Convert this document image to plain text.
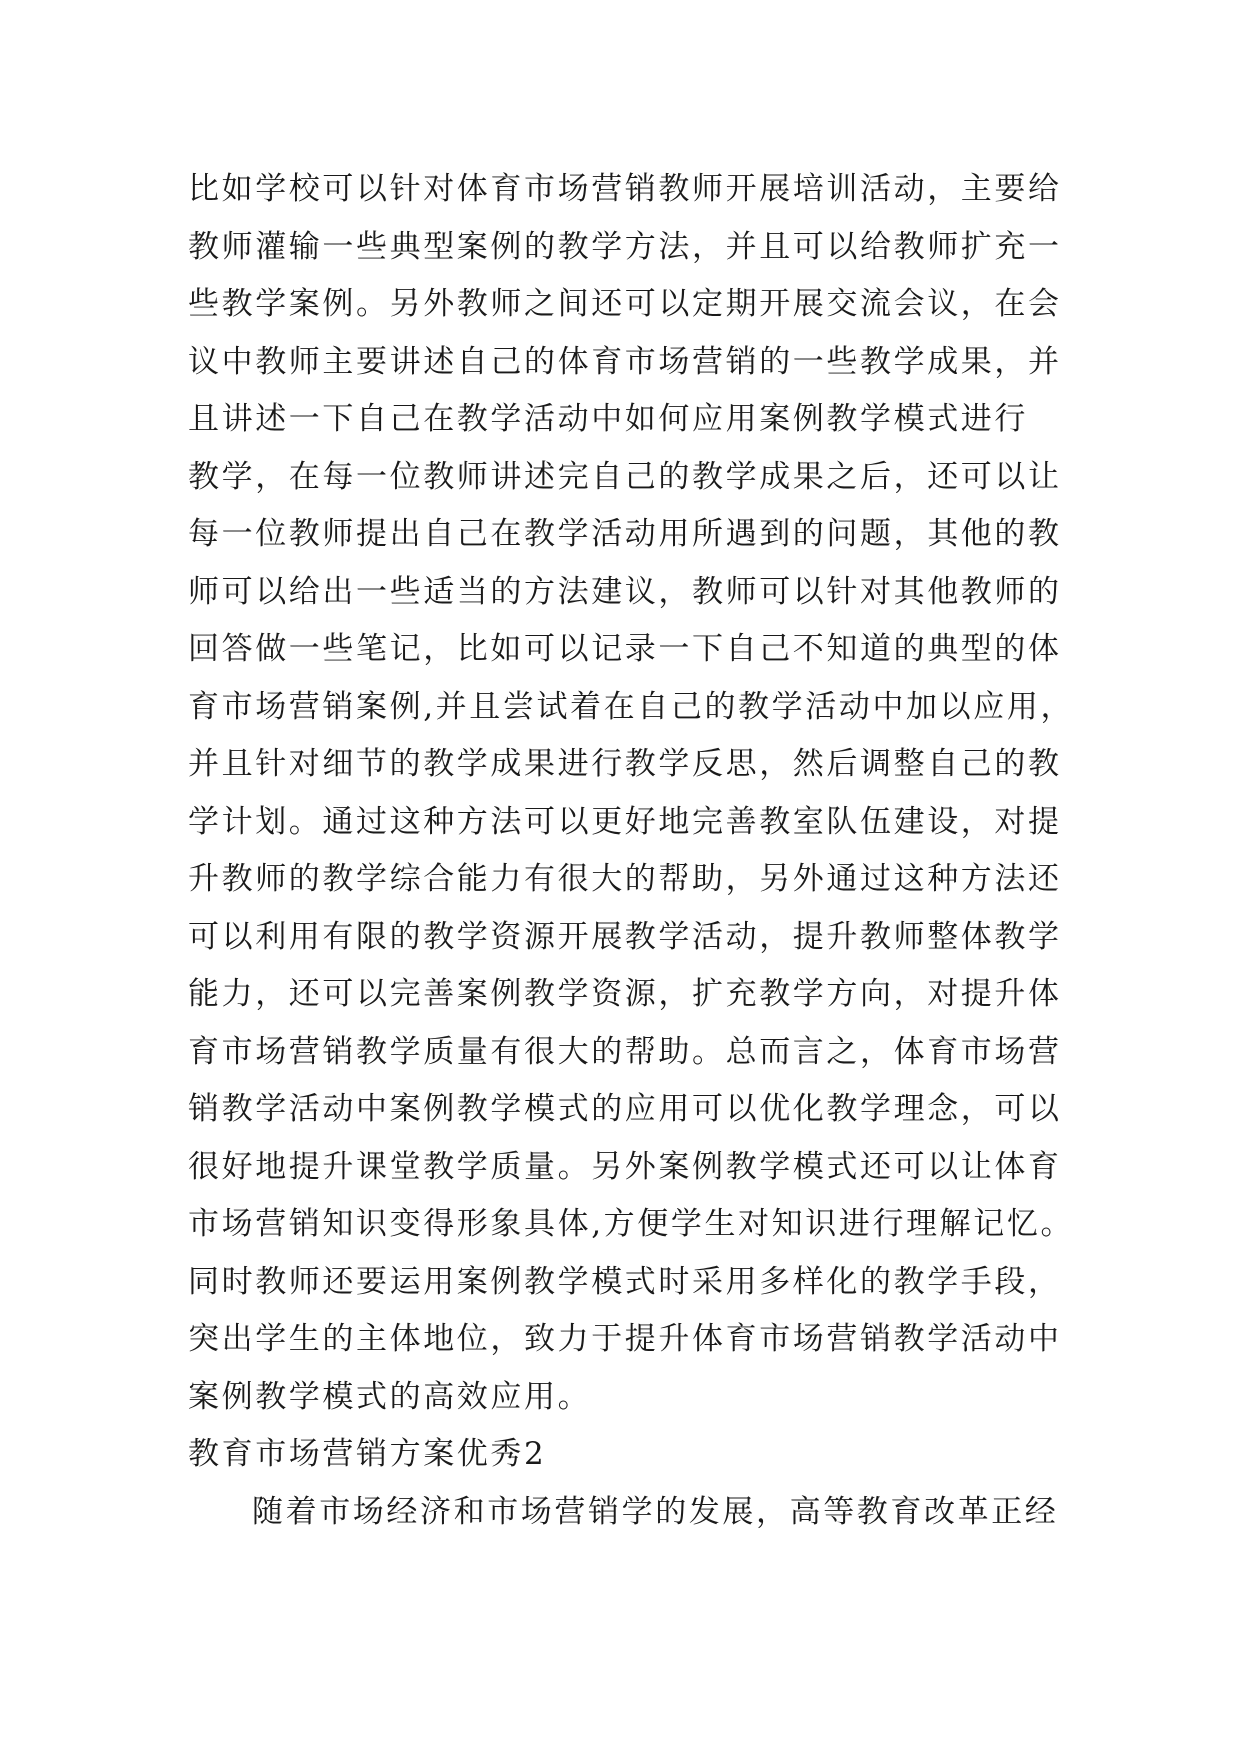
比如学校可以针对体育市场营销教师开展培训活动，主要给
教师灌输一些典型案例的教学方法，并且可以给教师扩充一
些教学案例。另外教师之间还可以定期开展交流会议，在会
议中教师主要讲述自己的体育市场营销的一些教学成果，并
且讲述一下自己在教学活动中如何应用案例教学模式进行
教学，在每一位教师讲述完自己的教学成果之后，还可以让
每一位教师提出自己在教学活动用所遇到的问题，其他的教
师可以给出一些适当的方法建议，教师可以针对其他教师的
回答做一些笔记，比如可以记录一下自己不知道的典型的体
育市场营销案例,并且尝试着在自己的教学活动中加以应用，
并且针对细节的教学成果进行教学反思，然后调整自己的教
学计划。通过这种方法可以更好地完善教室队伍建设，对提
升教师的教学综合能力有很大的帮助，另外通过这种方法还
可以利用有限的教学资源开展教学活动，提升教师整体教学
能力，还可以完善案例教学资源，扩充教学方向，对提升体
育市场营销教学质量有很大的帮助。总而言之，体育市场营
销教学活动中案例教学模式的应用可以优化教学理念，可以
很好地提升课堂教学质量。另外案例教学模式还可以让体育
市场营销知识变得形象具体,方便学生对知识进行理解记忆。
同时教师还要运用案例教学模式时采用多样化的教学手段，
突出学生的主体地位，致力于提升体育市场营销教学活动中
案例教学模式的高效应用。
教育市场营销方案优秀2
随着市场经济和市场营销学的发展，高等教育改革正经
